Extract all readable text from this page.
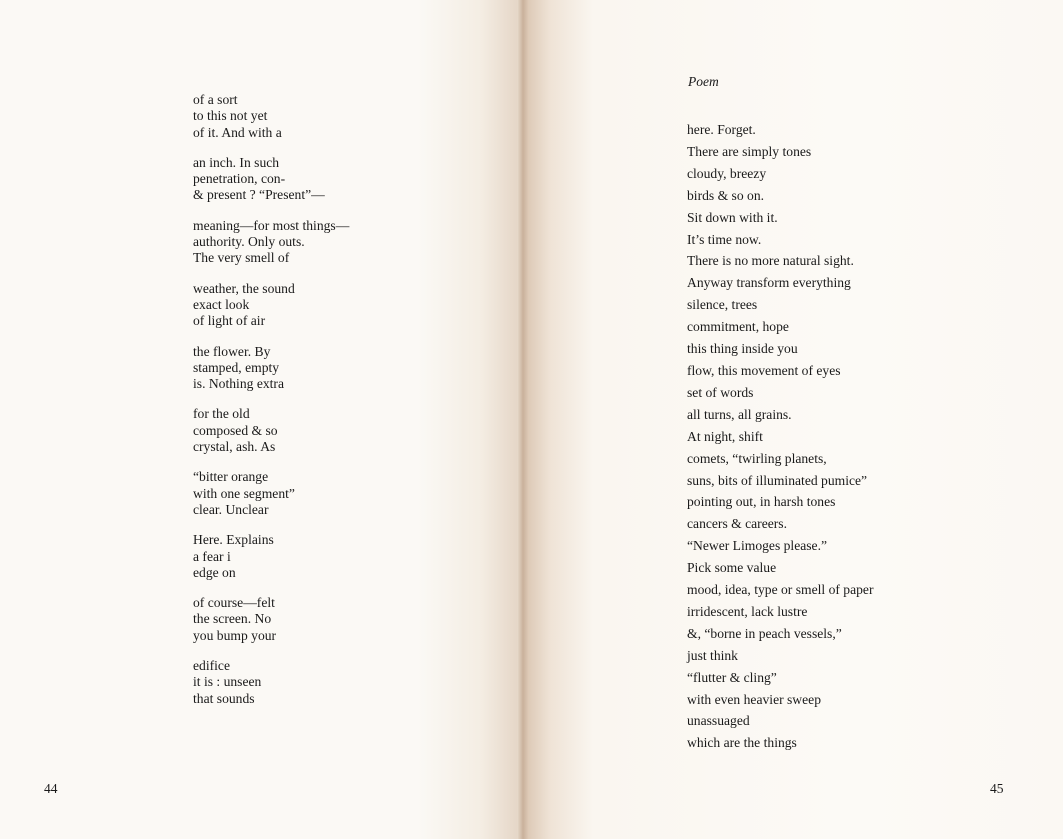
of a sort
to this not yet
of it. And with a
an inch. In such
penetration, con-
& present ? “Present”—
meaning—for most things—
authority. Only outs.
The very smell of
weather, the sound
exact look
of light of air
the flower. By
stamped, empty
is. Nothing extra
for the old
composed & so
crystal, ash. As
“bitter orange
with one segment”
clear. Unclear
Here. Explains
a fear i
edge on
of course—felt
the screen. No
you bump your
edifice
it is : unseen
that sounds
44
Poem
here. Forget.
There are simply tones
cloudy, breezy
birds & so on.
Sit down with it.
It’s time now.
There is no more natural sight.
Anyway transform everything
silence, trees
commitment, hope
this thing inside you
flow, this movement of eyes
set of words
all turns, all grains.
At night, shift
comets, “twirling planets,
suns, bits of illuminated pumice”
pointing out, in harsh tones
cancers & careers.
“Newer Limoges please.”
Pick some value
mood, idea, type or smell of paper
irridescent, lack lustre
&, “borne in peach vessels,”
just think
“flutter & cling”
with even heavier sweep
unassuaged
which are the things
45
